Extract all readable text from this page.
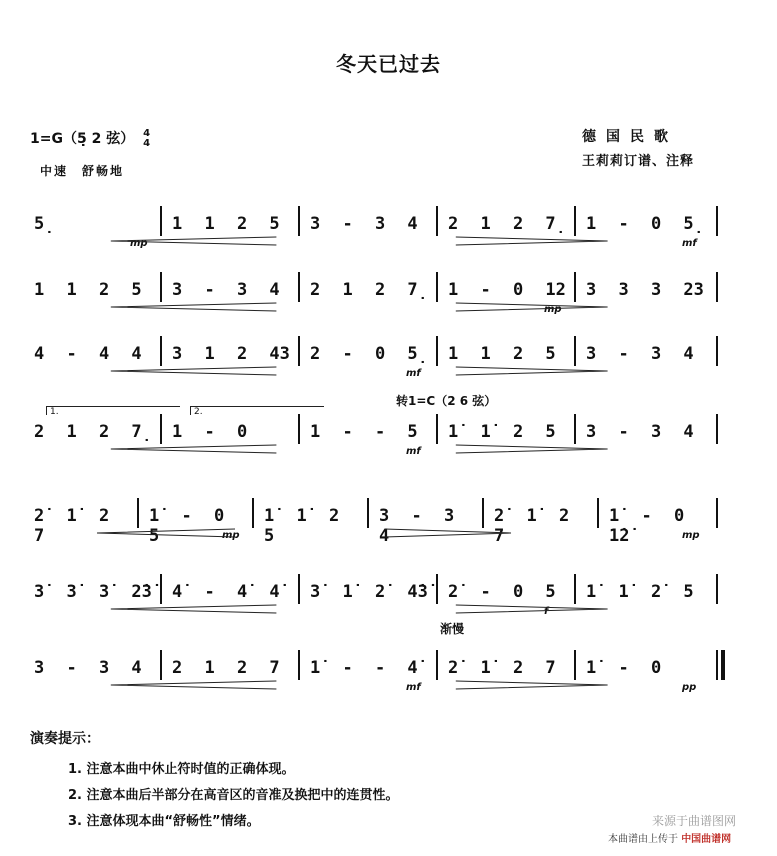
冬天已过去
1=G（5̣ 2 弦） 4
4
中速　舒畅地
德国民歌
王莉莉订谱、注释
转1=C（2 6 弦）
渐慢
5̣
mp
1 1 2 5	3 - 3 4	2 1 2 7̣	1 - 0 5̣
mf
1 1 2 5	3 - 3 4	2 1 2 7̣	1 - 0 12
mp
3 3 3 23
4 - 4 4	3 1 2 43	2 - 0 5̣
mf
1 1 2 5	3 - 3 4
2 1 2 7̣	1 - 0	1 - - 5
mf
1̇ 1̇ 2 5	3 - 3 4
2̇ 1̇ 2 7
1̇ - 0 5	mp
1̇ 1̇ 2 5
3 - 3 4
2̇ 1̇ 2 7
1̇ - 0 1̇2̇	mp
3̇ 3̇ 3̇ 2̇3̇	4̇ - 4̇ 4̇	3̇ 1̇ 2̇ 4̇3̇	2̇ - 0 5
f
1̇ 1̇ 2̇ 5
3 - 3 4	2 1 2 7	1̇ - - 4̇
mf
2̇ 1̇ 2 7	1̇ - 0
pp
演奏提示：
1. 注意本曲中休止符时值的正确体现。
2. 注意本曲后半部分在高音区的音准及换把中的连贯性。
3. 注意体现本曲“舒畅性”情绪。	来源于曲谱图网
本曲谱由上传于 中国曲谱网
1.	2.
